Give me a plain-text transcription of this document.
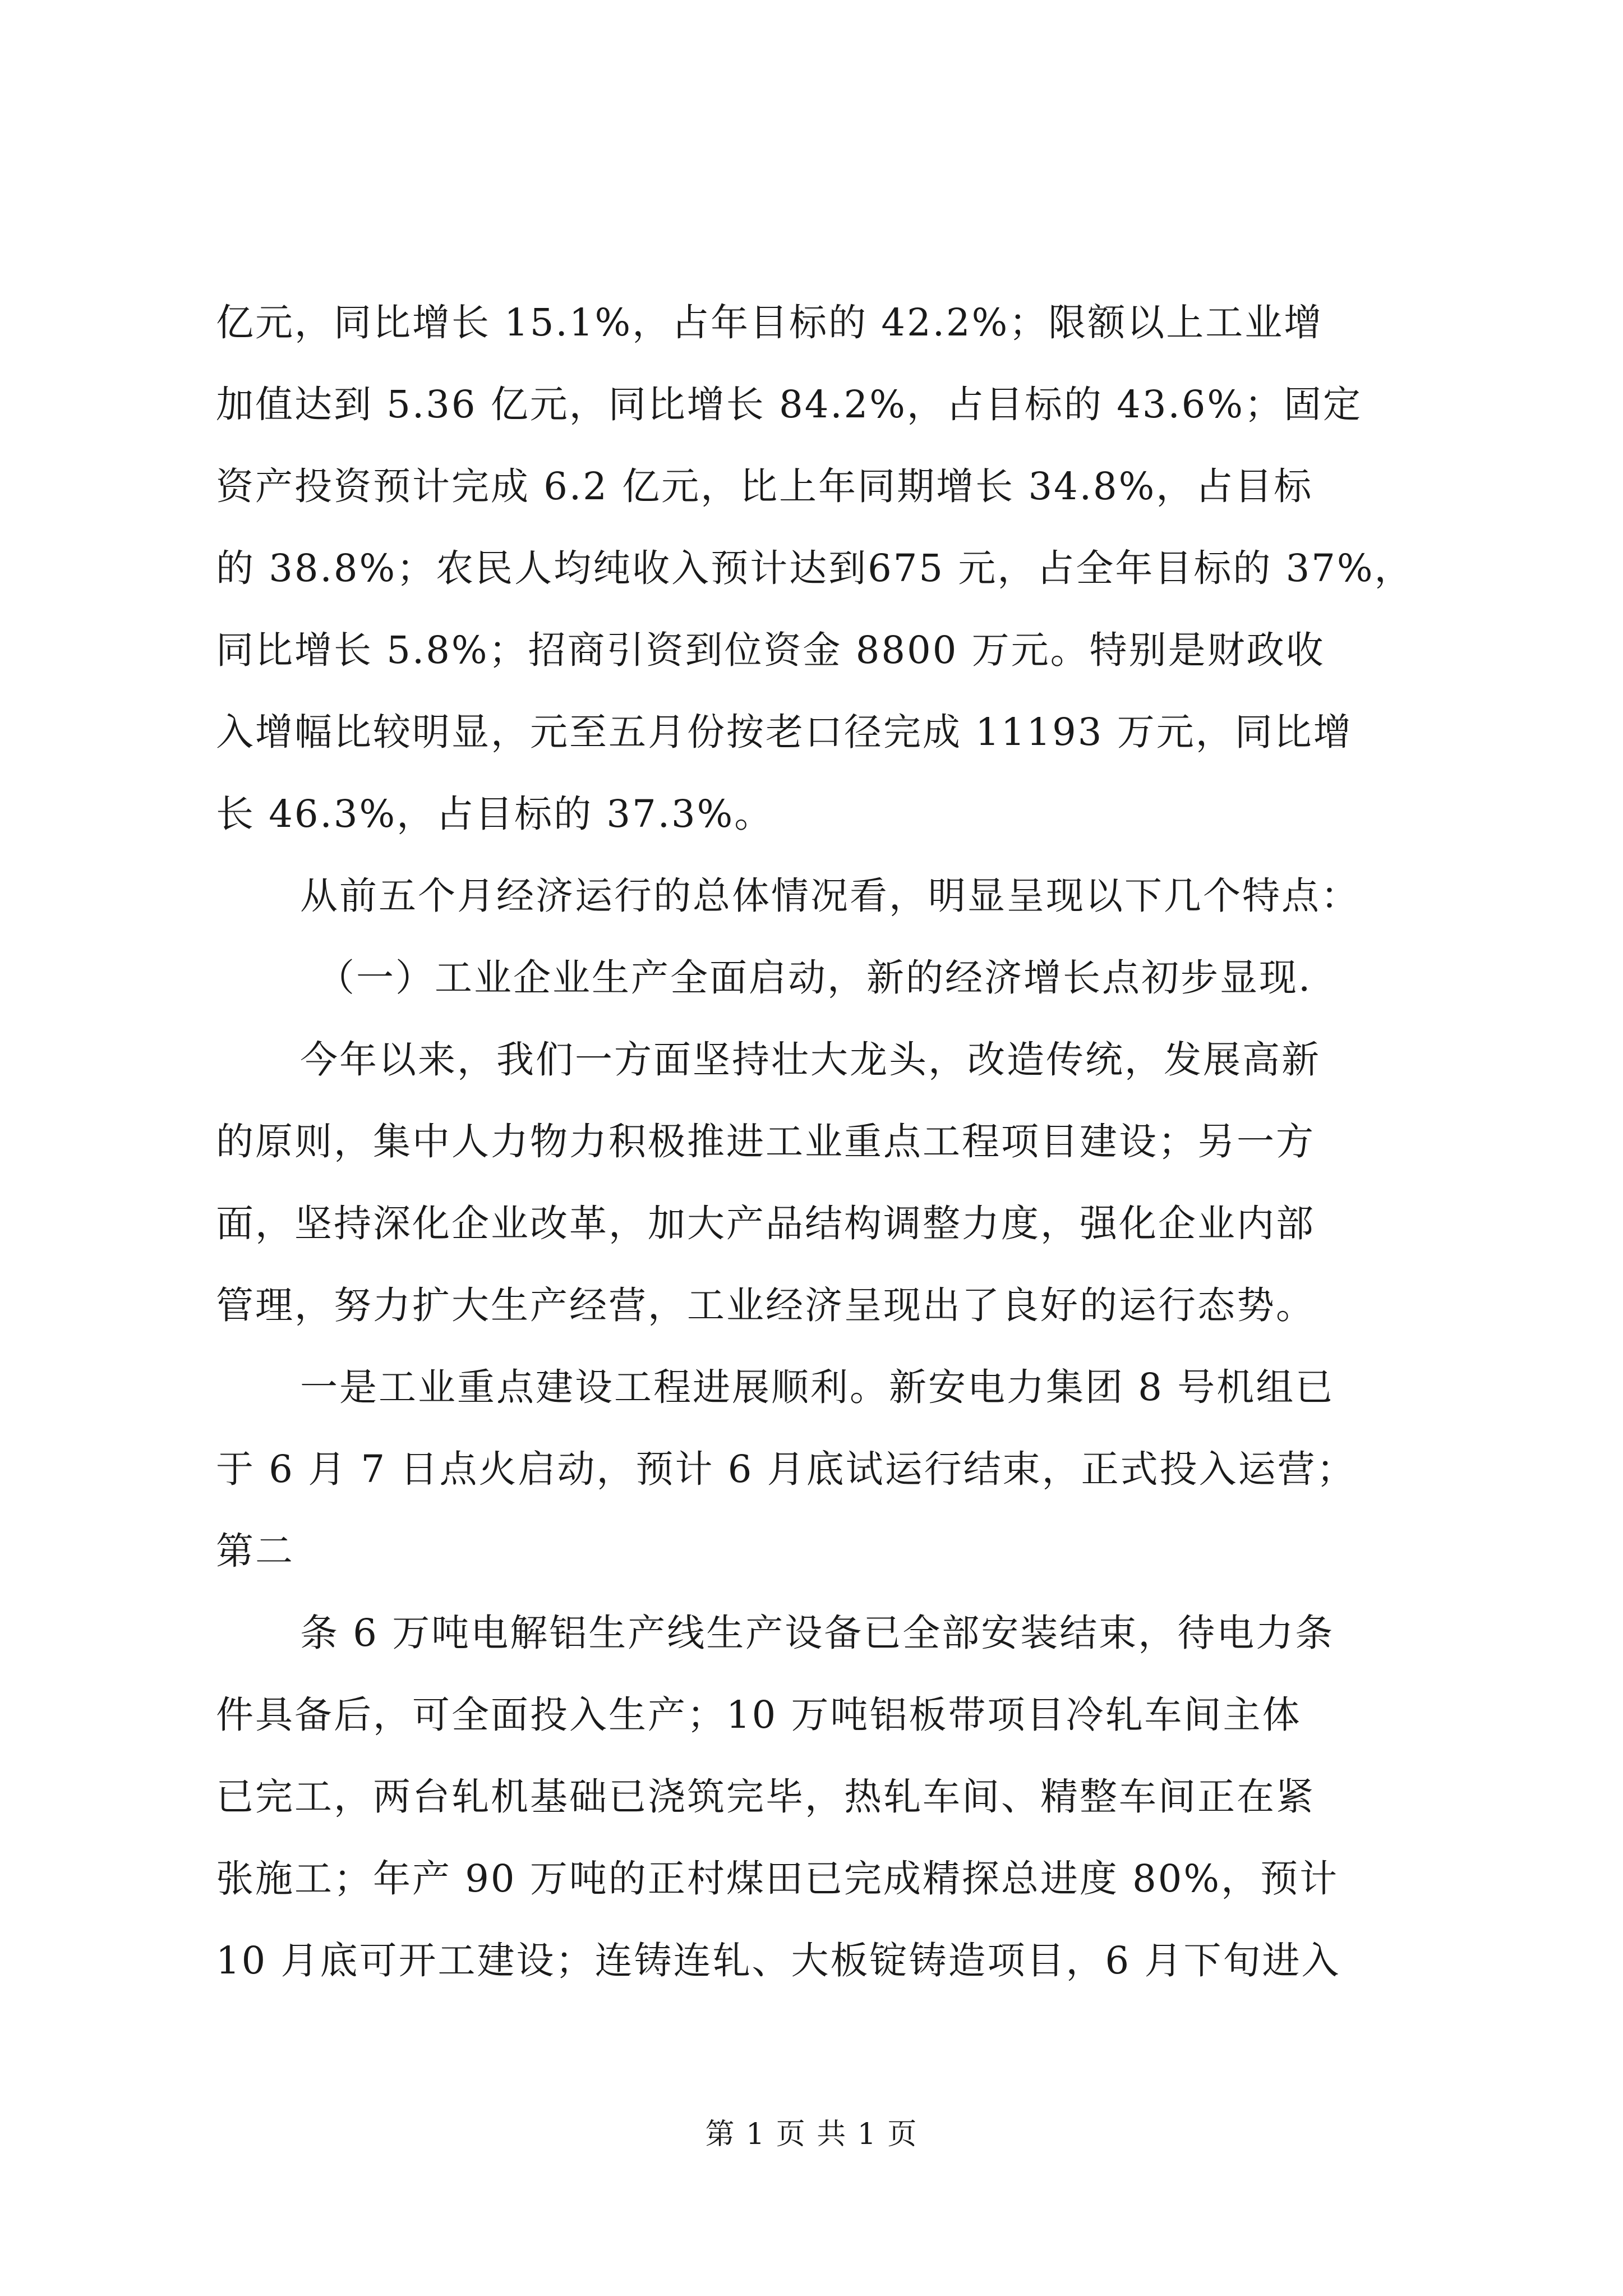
亿元，同比增长 15.1%，占年目标的 42.2%；限额以上工业增
加值达到 5.36 亿元，同比增长 84.2%，占目标的 43.6%；固定
资产投资预计完成 6.2 亿元，比上年同期增长 34.8%，占目标
的 38.8%；农民人均纯收入预计达到675 元，占全年目标的 37%，
同比增长 5.8%；招商引资到位资金 8800 万元。特别是财政收
入增幅比较明显，元至五月份按老口径完成 11193 万元，同比增
长 46.3%，占目标的 37.3%。
从前五个月经济运行的总体情况看，明显呈现以下几个特点：
（一）工业企业生产全面启动，新的经济增长点初步显现.
今年以来，我们一方面坚持壮大龙头，改造传统，发展高新
的原则，集中人力物力积极推进工业重点工程项目建设；另一方
面，坚持深化企业改革，加大产品结构调整力度，强化企业内部
管理，努力扩大生产经营，工业经济呈现出了良好的运行态势。
一是工业重点建设工程进展顺利。新安电力集团 8 号机组已
于 6 月 7 日点火启动，预计 6 月底试运行结束，正式投入运营；
第二
条 6 万吨电解铝生产线生产设备已全部安装结束，待电力条
件具备后，可全面投入生产；10 万吨铝板带项目冷轧车间主体
已完工，两台轧机基础已浇筑完毕，热轧车间、精整车间正在紧
张施工；年产 90 万吨的正村煤田已完成精探总进度 80%，预计
10 月底可开工建设；连铸连轧、大板锭铸造项目，6 月下旬进入
第 1 页 共 1 页
